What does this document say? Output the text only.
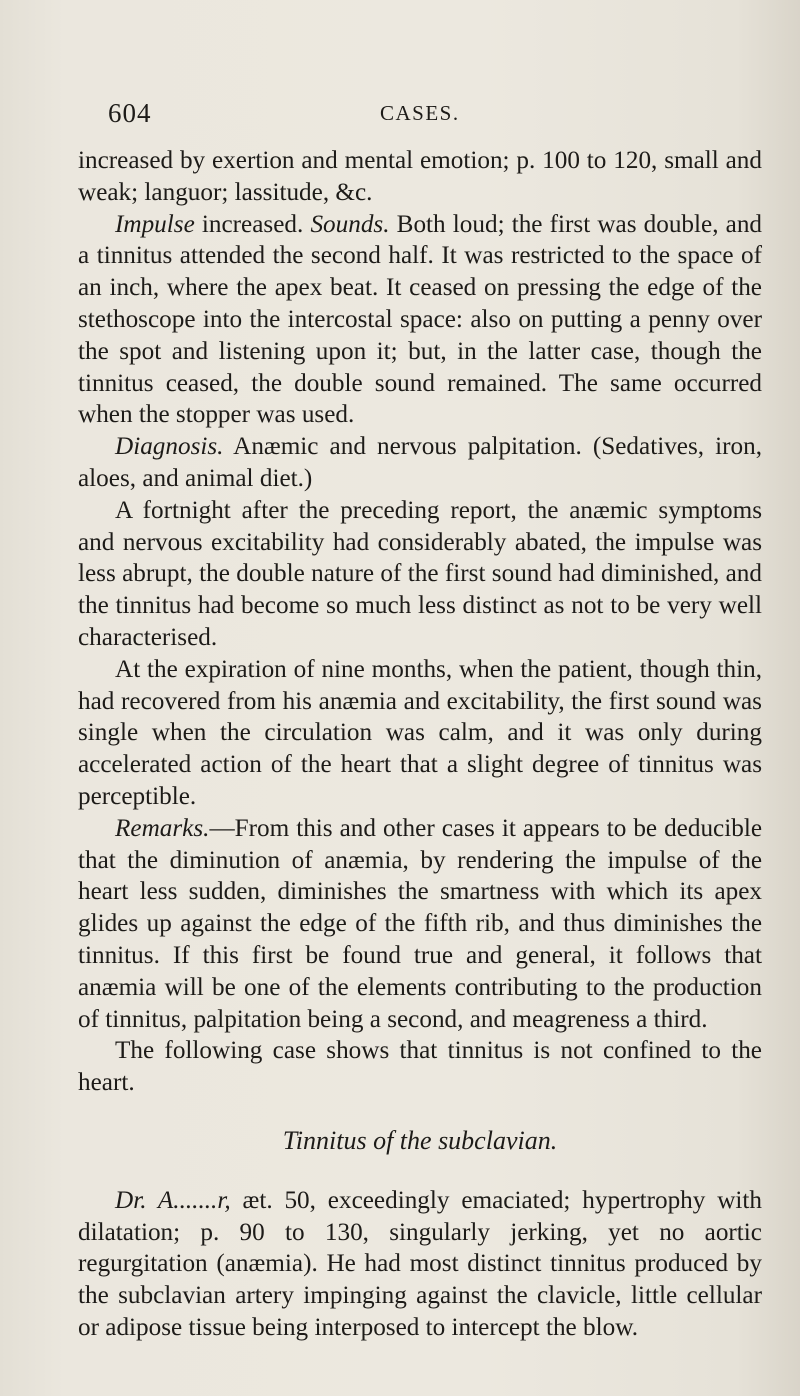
604	CASES.

increased by exertion and mental emotion; p. 100 to 120, small and weak; languor; lassitude, &c.

Impulse increased. Sounds. Both loud; the first was double, and a tinnitus attended the second half. It was restricted to the space of an inch, where the apex beat. It ceased on pressing the edge of the stethoscope into the intercostal space: also on putting a penny over the spot and listening upon it; but, in the latter case, though the tinnitus ceased, the double sound remained. The same occurred when the stopper was used.

Diagnosis. Anæmic and nervous palpitation. (Sedatives, iron, aloes, and animal diet.)

A fortnight after the preceding report, the anæmic symptoms and nervous excitability had considerably abated, the impulse was less abrupt, the double nature of the first sound had diminished, and the tinnitus had become so much less distinct as not to be very well characterised.

At the expiration of nine months, when the patient, though thin, had recovered from his anæmia and excitability, the first sound was single when the circulation was calm, and it was only during accelerated action of the heart that a slight degree of tinnitus was perceptible.

Remarks.—From this and other cases it appears to be deducible that the diminution of anæmia, by rendering the impulse of the heart less sudden, diminishes the smartness with which its apex glides up against the edge of the fifth rib, and thus diminishes the tinnitus. If this first be found true and general, it follows that anæmia will be one of the elements contributing to the production of tinnitus, palpitation being a second, and meagreness a third.

The following case shows that tinnitus is not confined to the heart.

Tinnitus of the subclavian.

Dr. A.......r, æt. 50, exceedingly emaciated; hypertrophy with dilatation; p. 90 to 130, singularly jerking, yet no aortic regurgitation (anæmia). He had most distinct tinnitus produced by the subclavian artery impinging against the clavicle, little cellular or adipose tissue being interposed to intercept the blow.
